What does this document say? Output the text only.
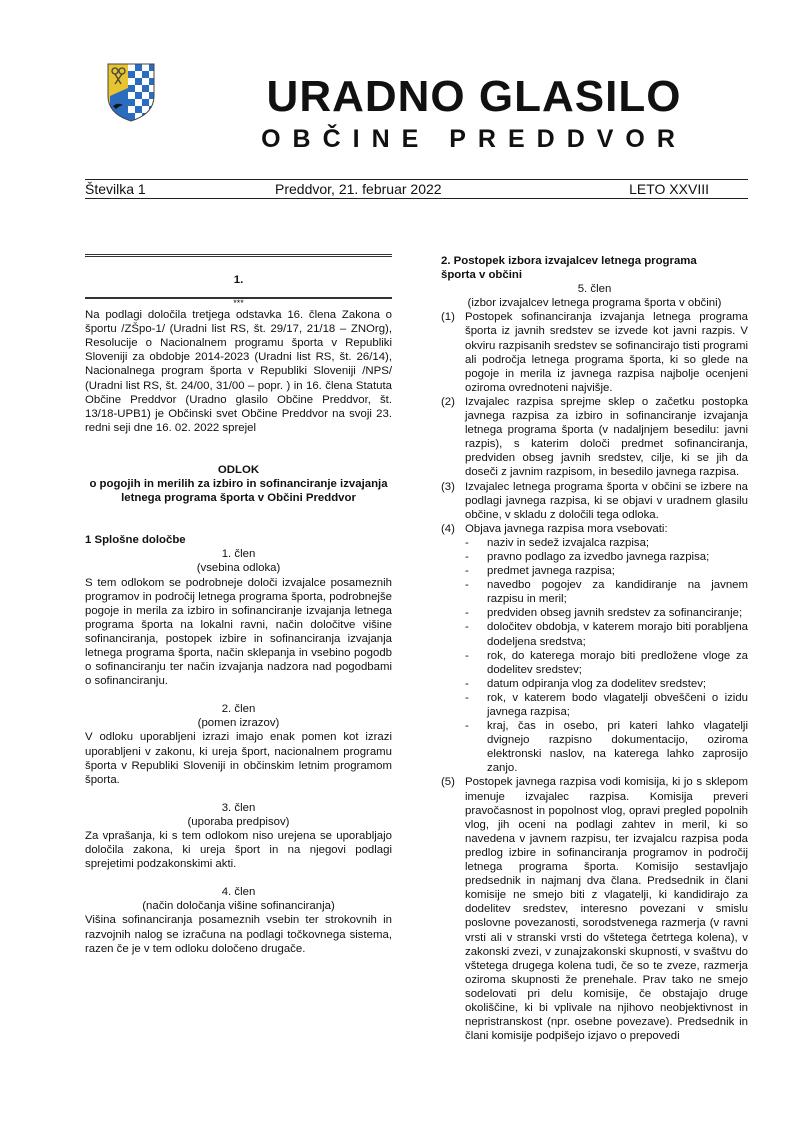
URADNO GLASILO
OBČINE PREDDVOR
Številka 1	Preddvor, 21. februar 2022	LETO XXVIII

1.

***

Na podlagi določila tretjega odstavka 16. člena Zakona o športu /ZŠpo-1/ (Uradni list RS, št. 29/17, 21/18 – ZNOrg), Resolucije o Nacionalnem programu športa v Republiki Sloveniji za obdobje 2014-2023 (Uradni list RS, št. 26/14), Nacionalnega program športa v Republiki Sloveniji /NPS/ (Uradni list RS, št. 24/00, 31/00 – popr. ) in 16. člena Statuta Občine Preddvor (Uradno glasilo Občine Preddvor, št. 13/18-UPB1) je Občinski svet Občine Preddvor na svoji 23. redni seji dne 16. 02. 2022 sprejel

ODLOK

o pogojih in merilih za izbiro in sofinanciranje izvajanja letnega programa športa v Občini Preddvor

1 Splošne določbe

1. člen

(vsebina odloka)

S tem odlokom se podrobneje določi izvajalce posameznih programov in področij letnega programa športa, podrobnejše pogoje in merila za izbiro in sofinanciranje izvajanja letnega programa športa na lokalni ravni, način določitve višine sofinanciranja, postopek izbire in sofinanciranja izvajanja letnega programa športa, način sklepanja in vsebino pogodb o sofinanciranju ter način izvajanja nadzora nad pogodbami o sofinanciranju.

2. člen

(pomen izrazov)

V odloku uporabljeni izrazi imajo enak pomen kot izrazi uporabljeni v zakonu, ki ureja šport, nacionalnem programu športa v Republiki Sloveniji in občinskim letnim programom športa.

3. člen

(uporaba predpisov)

Za vprašanja, ki s tem odlokom niso urejena se uporabljajo določila zakona, ki ureja šport in na njegovi podlagi sprejetimi podzakonskimi akti.

4. člen

(način določanja višine sofinanciranja)

Višina sofinanciranja posameznih vsebin ter strokovnih in razvojnih nalog se izračuna na podlagi točkovnega sistema, razen če je v tem odloku določeno drugače.

2. Postopek izbora izvajalcev letnega programa športa v občini

5. člen

(izbor izvajalcev letnega programa športa v občini)

(1) Postopek sofinanciranja izvajanja letnega programa športa iz javnih sredstev se izvede kot javni razpis. V okviru razpisanih sredstev se sofinancirajo tisti programi ali področja letnega programa športa, ki so glede na pogoje in merila iz javnega razpisa najbolje ocenjeni oziroma ovrednoteni najvišje.
(2) Izvajalec razpisa sprejme sklep o začetku postopka javnega razpisa za izbiro in sofinanciranje izvajanja letnega programa športa (v nadaljnjem besedilu: javni razpis), s katerim določi predmet sofinanciranja, predviden obseg javnih sredstev, cilje, ki se jih da doseči z javnim razpisom, in besedilo javnega razpisa.
(3) Izvajalec letnega programa športa v občini se izbere na podlagi javnega razpisa, ki se objavi v uradnem glasilu občine, v skladu z določili tega odloka.
(4) Objava javnega razpisa mora vsebovati:
-	naziv in sedež izvajalca razpisa;
-	pravno podlago za izvedbo javnega razpisa;
-	predmet javnega razpisa;
-	navedbo pogojev za kandidiranje na javnem razpisu in meril;
-	predviden obseg javnih sredstev za sofinanciranje;
-	določitev obdobja, v katerem morajo biti porabljena dodeljena sredstva;
-	rok, do katerega morajo biti predložene vloge za dodelitev sredstev;
-	datum odpiranja vlog za dodelitev sredstev;
-	rok, v katerem bodo vlagatelji obveščeni o izidu javnega razpisa;
-	kraj, čas in osebo, pri kateri lahko vlagatelji dvignejo razpisno dokumentacijo, oziroma elektronski naslov, na katerega lahko zaprosijo zanjo.
(5) Postopek javnega razpisa vodi komisija, ki jo s sklepom imenuje izvajalec razpisa. Komisija preveri pravočasnost in popolnost vlog, opravi pregled popolnih vlog, jih oceni na podlagi zahtev in meril, ki so navedena v javnem razpisu, ter izvajalcu razpisa poda predlog izbire in sofinanciranja programov in področij letnega programa športa. Komisijo sestavljajo predsednik in najmanj dva člana. Predsednik in člani komisije ne smejo biti z vlagatelji, ki kandidirajo za dodelitev sredstev, interesno povezani v smislu poslovne povezanosti, sorodstvenega razmerja (v ravni vrsti ali v stranski vrsti do vštetega četrtega kolena), v zakonski zvezi, v zunajzakonski skupnosti, v svaštvu do vštetega drugega kolena tudi, če so te zveze, razmerja oziroma skupnosti že prenehale. Prav tako ne smejo sodelovati pri delu komisije, če obstajajo druge okoliščine, ki bi vplivale na njihovo neobjektivnost in nepristranskost (npr. osebne povezave). Predsednik in člani komisije podpišejo izjavo o prepovedi
